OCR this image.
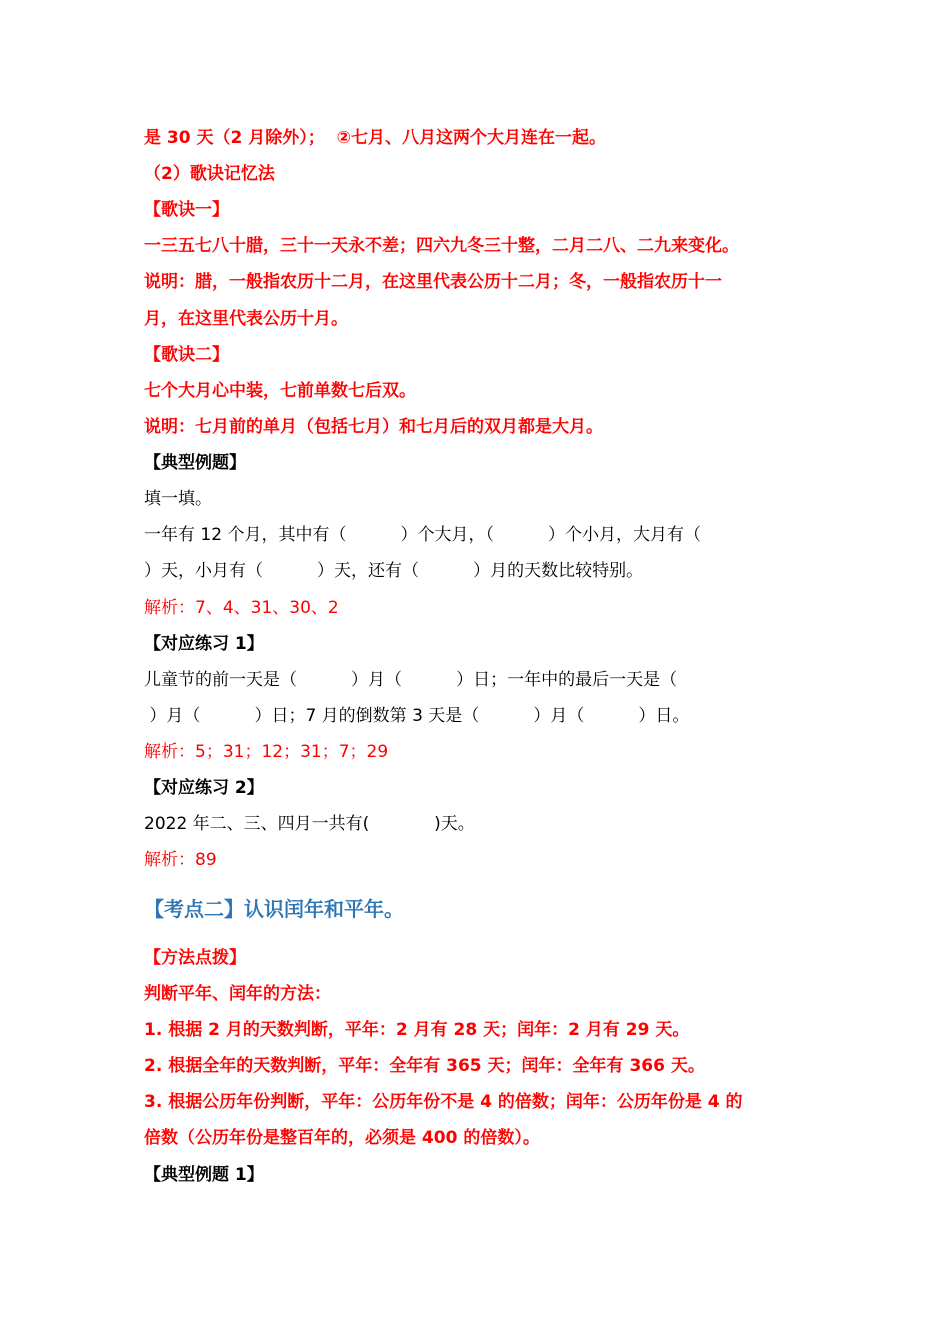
是 30 天（2 月除外）；  ②七月、八月这两个大月连在一起。
（2）歌诀记忆法
【歌诀一】
一三五七八十腊，三十一天永不差；四六九冬三十整，二月二八、二九来变化。
说明：腊，一般指农历十二月，在这里代表公历十二月；冬，一般指农历十一
月，在这里代表公历十月。
【歌诀二】
七个大月心中装，七前单数七后双。
说明：七月前的单月（包括七月）和七月后的双月都是大月。
【典型例题】
填一填。
一年有 12 个月，其中有（          ）个大月，（          ）个小月，大月有（
）天，小月有（          ）天，还有（          ）月的天数比较特别。
解析：7、4、31、30、2
【对应练习 1】
儿童节的前一天是（          ）月（          ）日；一年中的最后一天是（
）月（          ）日；7 月的倒数第 3 天是（          ）月（          ）日。
解析：5；31；12；31；7；29
【对应练习 2】
2022 年二、三、四月一共有(            )天。
解析：89
【考点二】认识闰年和平年。
【方法点拨】
判断平年、闰年的方法：
1. 根据 2 月的天数判断，平年：2 月有 28 天；闰年：2 月有 29 天。
2. 根据全年的天数判断，平年：全年有 365 天；闰年：全年有 366 天。
3. 根据公历年份判断，平年：公历年份不是 4 的倍数；闰年：公历年份是 4 的
倍数（公历年份是整百年的，必须是 400 的倍数）。
【典型例题 1】
